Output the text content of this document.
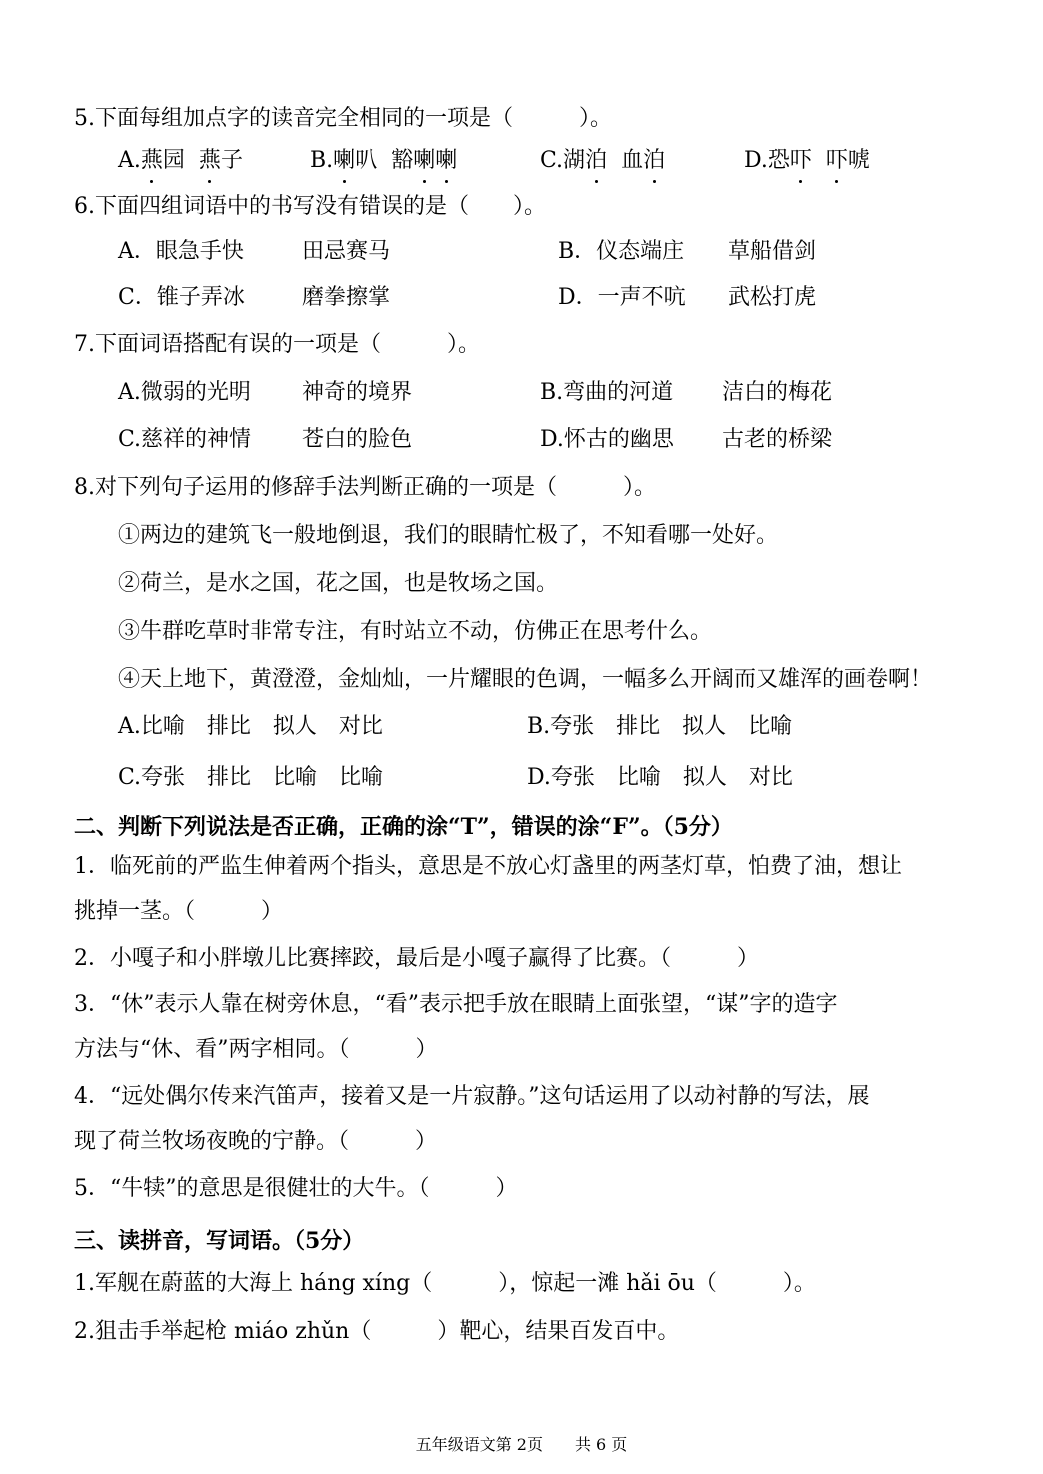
5.下面每组加点字的读音完全相同的一项是（　　　）。
A.燕园 燕子	B.喇叭 豁喇喇	C.湖泊 血泊	D.恐吓 吓唬
6.下面四组词语中的书写没有错误的是（　　）。
A．眼急手快	田忌赛马	B．仪态端庄 草船借剑
C．锥子弄冰	磨拳擦掌	D．一声不吭 武松打虎
7.下面词语搭配有误的一项是（　　　）。
A.微弱的光明 神奇的境界	B.弯曲的河道 洁白的梅花
C.慈祥的神情 苍白的脸色	D.怀古的幽思 古老的桥梁
8.对下列句子运用的修辞手法判断正确的一项是（　　　）。
①两边的建筑飞一般地倒退，我们的眼睛忙极了，不知看哪一处好。
②荷兰，是水之国，花之国，也是牧场之国。
③牛群吃草时非常专注，有时站立不动，仿佛正在思考什么。
④天上地下，黄澄澄，金灿灿，一片耀眼的色调，一幅多么开阔而又雄浑的画卷啊！
A.比喻　排比　拟人　对比	B.夸张　排比　拟人　比喻
C.夸张　排比　比喻　比喻	D.夸张　比喻　拟人　对比
二、判断下列说法是否正确，正确的涂“T”，错误的涂“F”。（5分）
1．临死前的严监生伸着两个指头，意思是不放心灯盏里的两茎灯草，怕费了油，想让
挑掉一茎。（　　　）
2．小嘎子和小胖墩儿比赛摔跤，最后是小嘎子赢得了比赛。（　　　）
3．“休”表示人靠在树旁休息，“看”表示把手放在眼睛上面张望，“谋”字的造字
方法与“休、看”两字相同。（　　　）
4．“远处偶尔传来汽笛声，接着又是一片寂静。”这句话运用了以动衬静的写法，展
现了荷兰牧场夜晚的宁静。（　　　）
5．“牛犊”的意思是很健壮的大牛。（　　　）
三、读拼音，写词语。（5分）
1.军舰在蔚蓝的大海上 háng xíng（　　　），惊起一滩 hǎi ōu（　　　）。
2.狙击手举起枪 miáo zhǔn（　　　）靶心，结果百发百中。
五年级语文第 2页　　共 6 页
